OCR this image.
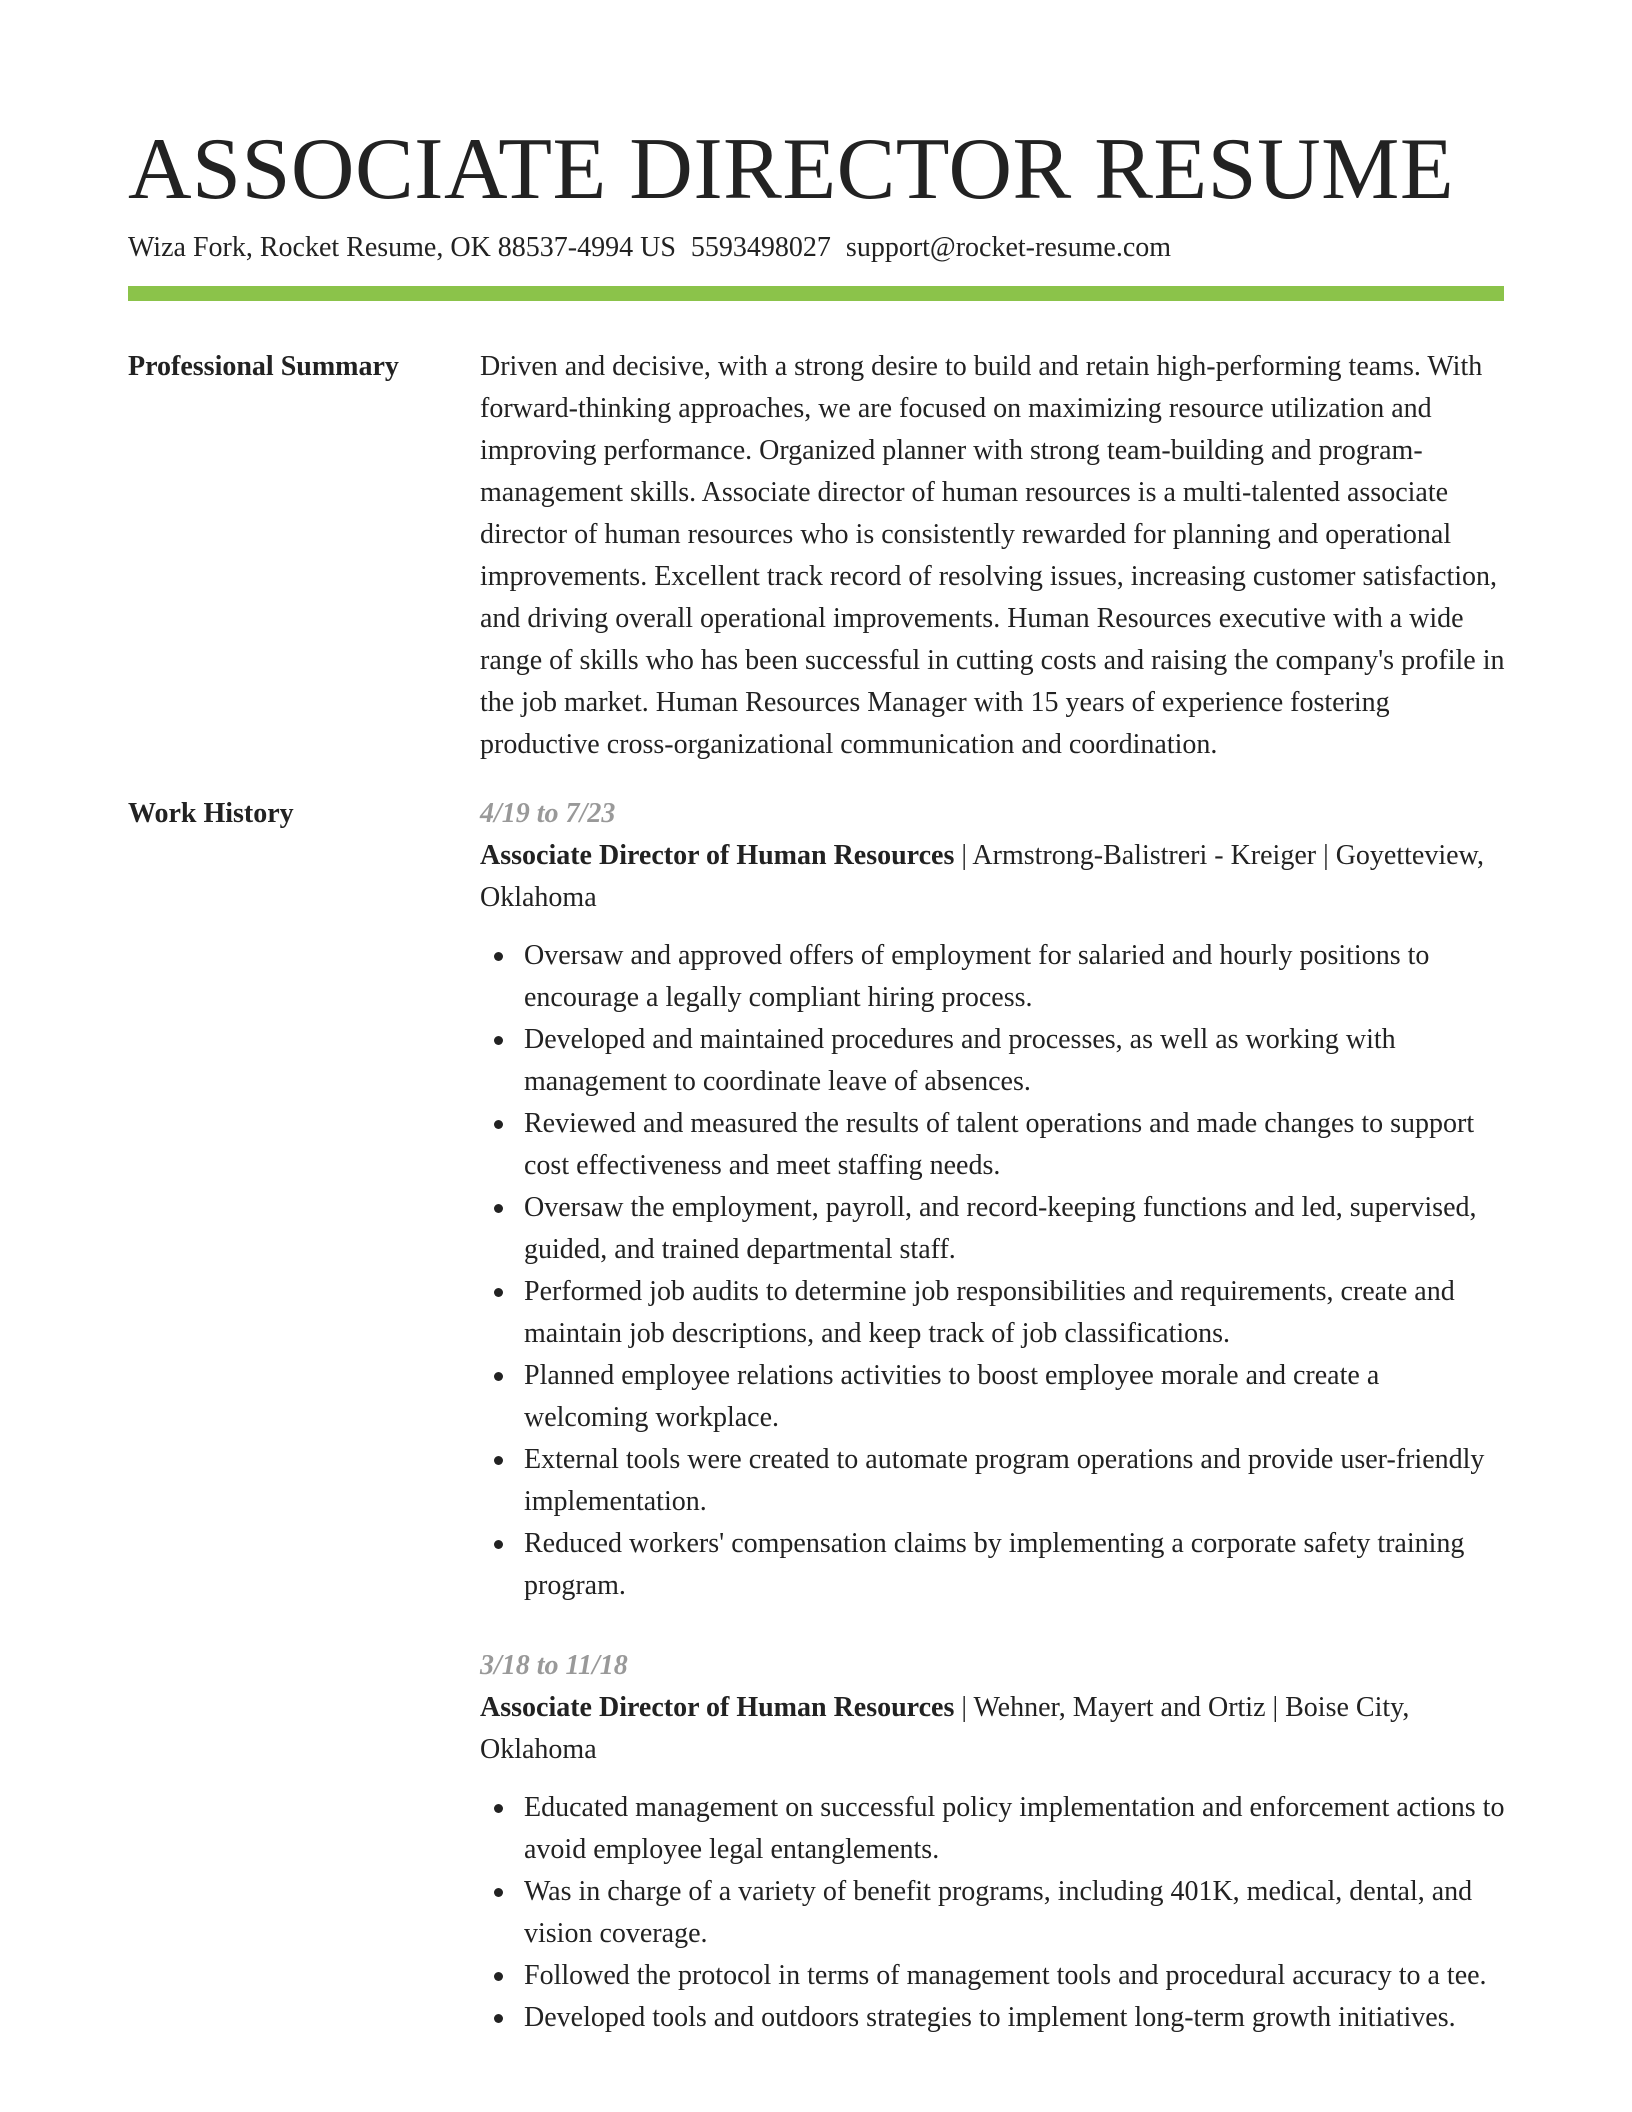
ASSOCIATE DIRECTOR RESUME
Wiza Fork, Rocket Resume, OK 88537-4994 US 5593498027 support@rocket-resume.com
Professional Summary	Driven and decisive, with a strong desire to build and retain high-performing teams. With forward-thinking approaches, we are focused on maximizing resource utilization and improving performance. Organized planner with strong team-building and program-management skills. Associate director of human resources is a multi-talented associate director of human resources who is consistently rewarded for planning and operational improvements. Excellent track record of resolving issues, increasing customer satisfaction, and driving overall operational improvements. Human Resources executive with a wide range of skills who has been successful in cutting costs and raising the company's profile in the job market. Human Resources Manager with 15 years of experience fostering productive cross-organizational communication and coordination.

Work History	4/19 to 7/23

Associate Director of Human Resources | Armstrong-Balistreri - Kreiger | Goyetteview, Oklahoma

Oversaw and approved offers of employment for salaried and hourly positions to encourage a legally compliant hiring process.
Developed and maintained procedures and processes, as well as working with management to coordinate leave of absences.
Reviewed and measured the results of talent operations and made changes to support cost effectiveness and meet staffing needs.
Oversaw the employment, payroll, and record-keeping functions and led, supervised, guided, and trained departmental staff.
Performed job audits to determine job responsibilities and requirements, create and maintain job descriptions, and keep track of job classifications.
Planned employee relations activities to boost employee morale and create a welcoming workplace.
External tools were created to automate program operations and provide user-friendly implementation.
Reduced workers' compensation claims by implementing a corporate safety training program.
3/18 to 11/18

Associate Director of Human Resources | Wehner, Mayert and Ortiz | Boise City, Oklahoma

Educated management on successful policy implementation and enforcement actions to avoid employee legal entanglements.
Was in charge of a variety of benefit programs, including 401K, medical, dental, and vision coverage.
Followed the protocol in terms of management tools and procedural accuracy to a tee.
Developed tools and outdoors strategies to implement long-term growth initiatives.
